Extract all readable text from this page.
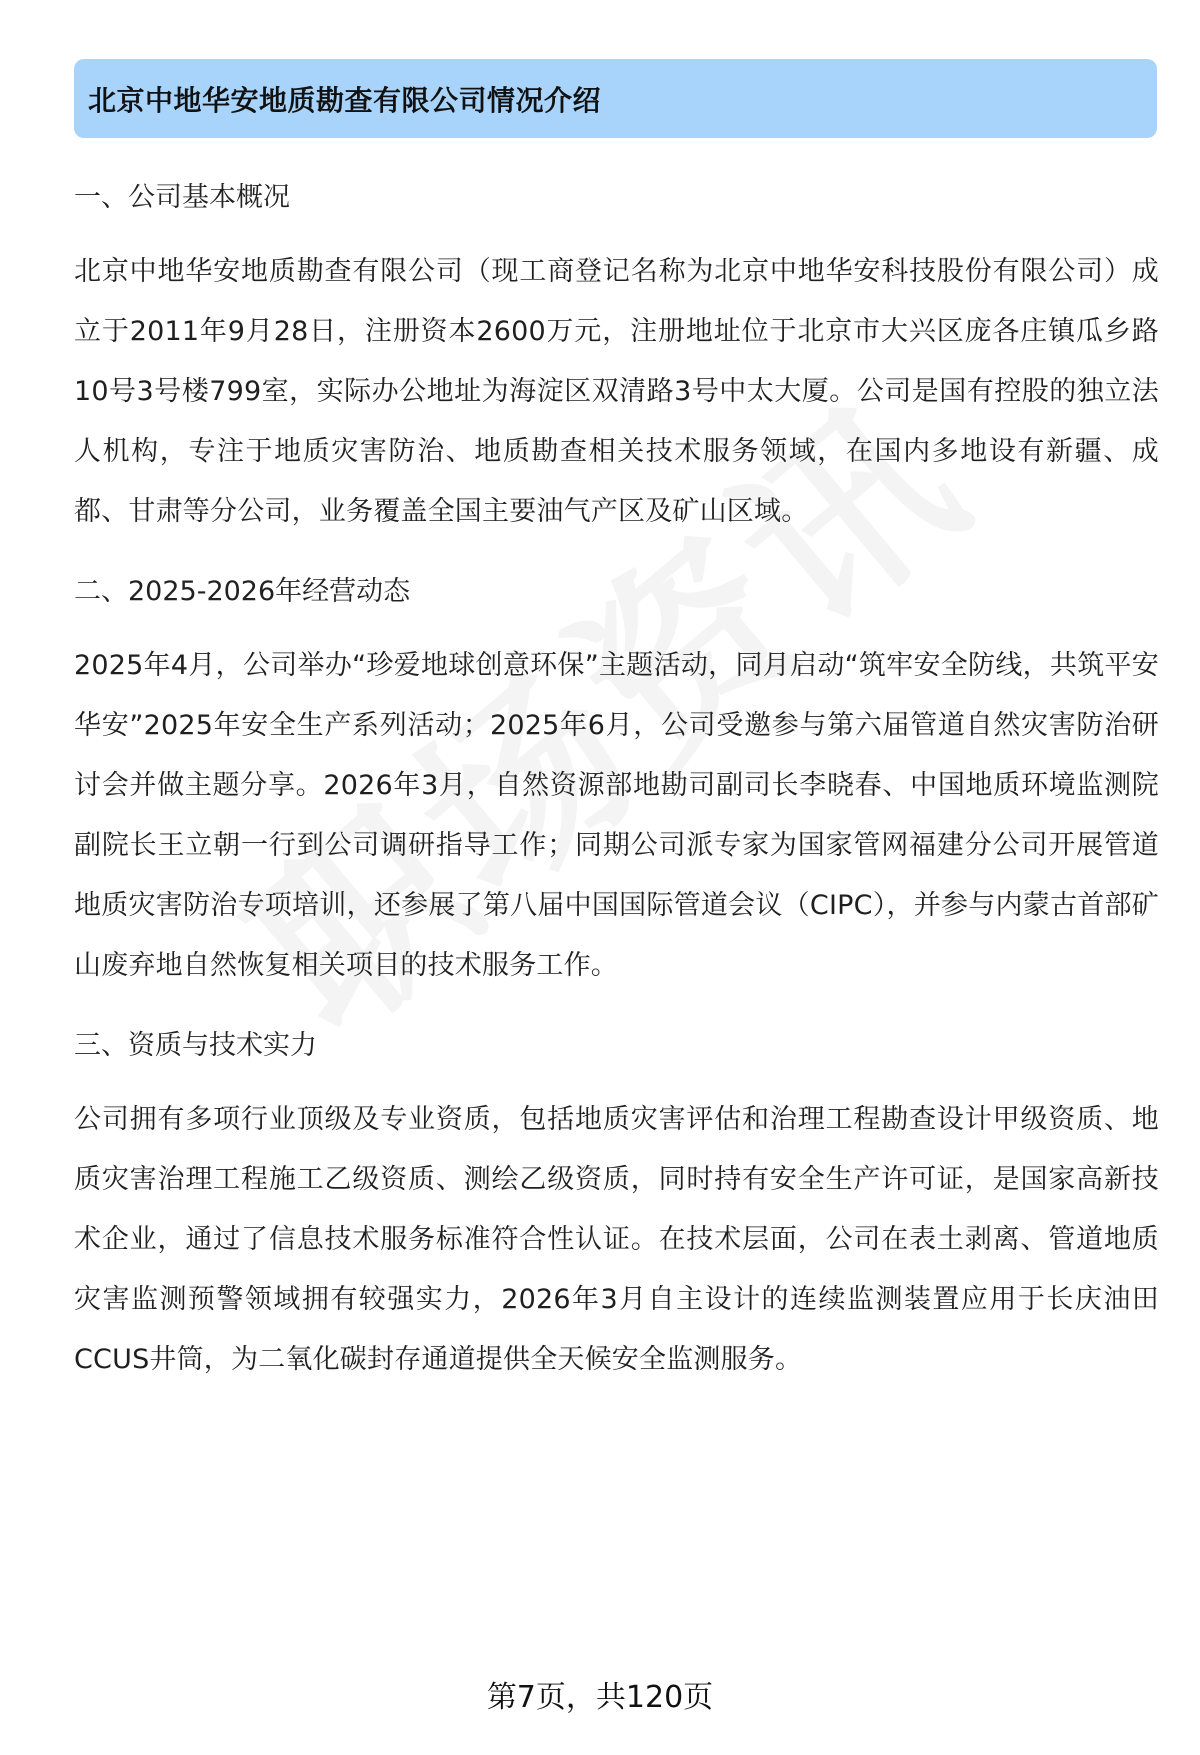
北京中地华安地质勘查有限公司情况介绍

一、公司基本概况

北京中地华安地质勘查有限公司（现工商登记名称为北京中地华安科技股份有限公司）成立于2011年9月28日，注册资本2600万元，注册地址位于北京市大兴区庞各庄镇瓜乡路10号3号楼799室，实际办公地址为海淀区双清路3号中太大厦。公司是国有控股的独立法人机构，专注于地质灾害防治、地质勘查相关技术服务领域，在国内多地设有新疆、成都、甘肃等分公司，业务覆盖全国主要油气产区及矿山区域。

二、2025-2026年经营动态

2025年4月，公司举办“珍爱地球创意环保”主题活动，同月启动“筑牢安全防线，共筑平安华安”2025年安全生产系列活动；2025年6月，公司受邀参与第六届管道自然灾害防治研讨会并做主题分享。2026年3月，自然资源部地勘司副司长李晓春、中国地质环境监测院副院长王立朝一行到公司调研指导工作；同期公司派专家为国家管网福建分公司开展管道地质灾害防治专项培训，还参展了第八届中国国际管道会议（CIPC），并参与内蒙古首部矿山废弃地自然恢复相关项目的技术服务工作。

三、资质与技术实力

公司拥有多项行业顶级及专业资质，包括地质灾害评估和治理工程勘查设计甲级资质、地质灾害治理工程施工乙级资质、测绘乙级资质，同时持有安全生产许可证，是国家高新技术企业，通过了信息技术服务标准符合性认证。在技术层面，公司在表土剥离、管道地质灾害监测预警领域拥有较强实力，2026年3月自主设计的连续监测装置应用于长庆油田CCUS井筒，为二氧化碳封存通道提供全天候安全监测服务。

第7页，共120页
